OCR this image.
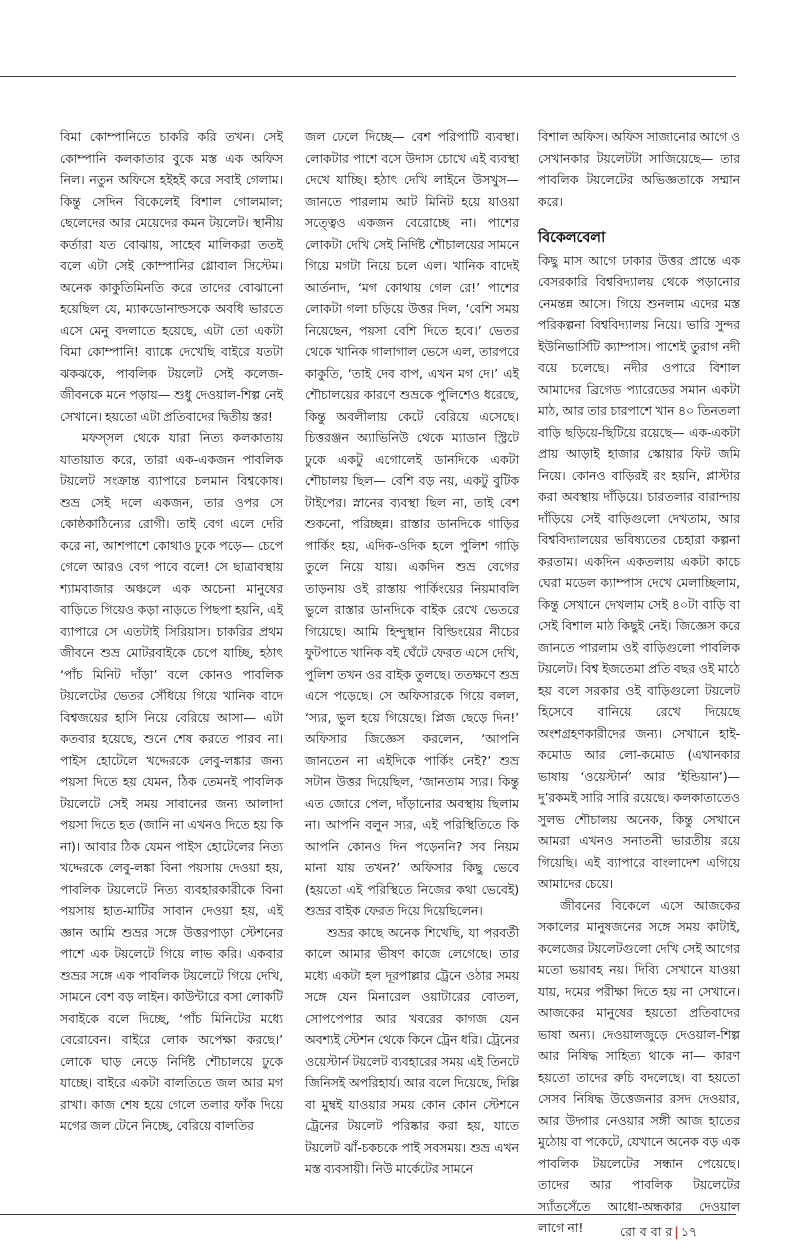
বিমা কোম্পানিতে চাকরি করি তখন। সেই কোম্পানি কলকাতার বুকে মস্ত এক অফিস নিল। নতুন অফিসে হইহই করে সবাই গেলাম। কিন্তু সেদিন বিকেলেই বিশাল গোলমাল; ছেলেদের আর মেয়েদের কমন টয়লেট। স্থানীয় কর্তারা যত বোঝায়, সাহেব মালিকরা ততই বলে এটা সেই কোম্পানির গ্লোবাল সিস্টেম। অনেক কাকুতিমিনতি করে তাদের বোঝানো হয়েছিল যে, ম্যাকডোনাল্ডসকে অবধি ভারতে এসে মেনু বদলাতে হয়েছে, এটা তো একটা বিমা কোম্পানি! ব্যাঙ্কে দেখেছি বাইরে যতটা ঝকঝকে, পাবলিক টয়লেট সেই কলেজ-জীবনকে মনে পড়ায়— শুধু দেওয়াল-শিল্প নেই সেখানে। হয়তো এটা প্রতিবাদের দ্বিতীয় স্তর!

মফস্সল থেকে যারা নিত্য কলকাতায় যাতায়াত করে, তারা এক-একজন পাবলিক টয়লেট সংক্রান্ত ব্যাপারে চলমান বিশ্বকোষ। শুভ্র সেই দলে একজন, তার ওপর সে কোষ্ঠকাঠিন্যের রোগী। তাই বেগ এলে দেরি করে না, আশপাশে কোথাও ঢুকে পড়ে— চেপে গেলে আরও বেগ পাবে বলে! সে ছাত্রাবস্থায় শ্যামবাজার অঞ্চলে এক অচেনা মানুষের বাড়িতে গিয়েও কড়া নাড়তে পিছপা হয়নি, এই ব্যাপারে সে এতটাই সিরিয়াস। চাকরির প্রথম জীবনে শুভ্র মোটরবাইকে চেপে যাচ্ছি, হঠাৎ ‘পাঁচ মিনিট দাঁড়া’ বলে কোনও পাবলিক টয়লেটের ভেতর সেঁধিয়ে গিয়ে খানিক বাদে বিশ্বজয়ের হাসি নিয়ে বেরিয়ে আসা— এটা কতবার হয়েছে, শুনে শেষ করতে পারব না। পাইস হোটেলে খদ্দেরকে লেবু-লঙ্কার জন্য পয়সা দিতে হয় যেমন, ঠিক তেমনই পাবলিক টয়লেটে সেই সময় সাবানের জন্য আলাদা পয়সা দিতে হত (জানি না এখনও দিতে হয় কি না)। আবার ঠিক যেমন পাইস হোটেলের নিত্য খদ্দেরকে লেবু-লঙ্কা বিনা পয়সায় দেওয়া হয়, পাবলিক টয়লেটে নিত্য ব্যবহারকারীকে বিনা পয়সায় হাত-মাটির সাবান দেওয়া হয়, এই জ্ঞান আমি শুভ্রর সঙ্গে উত্তরপাড়া স্টেশনের পাশে এক টয়লেটে গিয়ে লাভ করি। একবার শুভ্রর সঙ্গে এক পাবলিক টয়লেটে গিয়ে দেখি, সামনে বেশ বড় লাইন। কাউন্টারে বসা লোকটি সবাইকে বলে দিচ্ছে, ‘পাঁচ মিনিটের মধ্যে বেরোবেন। বাইরে লোক অপেক্ষা করছে।’ লোকে ঘাড় নেড়ে নির্দিষ্ট শৌচালয়ে ঢুকে যাচ্ছে। বাইরে একটা বালতিতে জল আর মগ রাখা। কাজ শেষ হয়ে গেলে তলার ফাঁক দিয়ে মগের জল টেনে নিচ্ছে, বেরিয়ে বালতির

জল ঢেলে দিচ্ছে— বেশ পরিপাটি ব্যবস্থা। লোকটার পাশে বসে উদাস চোখে এই ব্যবস্থা দেখে যাচ্ছি। হঠাৎ দেখি লাইনে উসখুস— জানতে পারলাম আট মিনিট হয়ে যাওয়া সত্ত্বেও একজন বেরোচ্ছে না। পাশের লোকটা দেখি সেই নির্দিষ্ট শৌচালয়ের সামনে গিয়ে মগটা নিয়ে চলে এল। খানিক বাদেই আর্তনাদ, ‘মগ কোথায় গেল রে!’ পাশের লোকটা গলা চড়িয়ে উত্তর দিল, ‘বেশি সময় নিয়েছেন, পয়সা বেশি দিতে হবে।’ ভেতর থেকে খানিক গালাগাল ভেসে এল, তারপরে কাকুতি, ‘তাই দেব বাপ, এখন মগ দে।’ এই শৌচালয়ের কারণে শুভ্রকে পুলিশেও ধরেছে, কিন্তু অবলীলায় কেটে বেরিয়ে এসেছে। চিত্তরঞ্জন অ্যাভিনিউ থেকে ম্যাডান স্ট্রিটে ঢুকে একটু এগোলেই ডানদিকে একটা শৌচালয় ছিল— বেশি বড় নয়, একটু বুটিক টাইপের। স্নানের ব্যবস্থা ছিল না, তাই বেশ শুকনো, পরিচ্ছন্ন। রাস্তার ডানদিকে গাড়ির পার্কিং হয়, এদিক-ওদিক হলে পুলিশ গাড়ি তুলে নিয়ে যায়। একদিন শুভ্র বেগের তাড়নায় ওই রাস্তায় পার্কিংয়ের নিয়মাবলি ভুলে রাস্তার ডানদিকে বাইক রেখে ভেতরে গিয়েছে। আমি হিন্দুস্থান বিল্ডিংয়ের নীচের ফুটপাতে খানিক বই ঘেঁটে ফেরত এসে দেখি, পুলিশ তখন ওর বাইক তুলছে। ততক্ষণে শুভ্র এসে পড়েছে। সে অফিসারকে গিয়ে বলল, ‘স্যর, ভুল হয়ে গিয়েছে। প্লিজ ছেড়ে দিন!’ অফিসার জিজ্ঞেস করলেন, ‘আপনি জানতেন না এইদিকে পার্কিং নেই?’ শুভ্র সটান উত্তর দিয়েছিল, ‘জানতাম স্যর। কিন্তু এত জোরে পেল, দাঁড়ানোর অবস্থায় ছিলাম না। আপনি বলুন স্যর, এই পরিস্থিতিতে কি আপনি কোনও দিন পড়েননি? সব নিয়ম মানা যায় তখন?’ অফিসার কিছু ভেবে (হয়তো এই পরিস্থিতে নিজের কথা ভেবেই) শুভ্রর বাইক ফেরত দিয়ে দিয়েছিলেন।

শুভ্রর কাছে অনেক শিখেছি, যা পরবর্তী কালে আমার ভীষণ কাজে লেগেছে। তার মধ্যে একটা হল দূরপাল্লার ট্রেনে ওঠার সময় সঙ্গে যেন মিনারেল ওয়াটারের বোতল, সোপপেপার আর খবরের কাগজ যেন অবশ্যই স্টেশন থেকে কিনে ট্রেন ধরি। ট্রেনের ওয়েস্টার্ন টয়লেট ব্যবহারের সময় এই তিনটে জিনিসই অপরিহার্য। আর বলে দিয়েছে, দিল্লি বা মুম্বই যাওয়ার সময় কোন কোন স্টেশনে ট্রেনের টয়লেট পরিষ্কার করা হয়, যাতে টয়লেট ঝাঁ-চকচকে পাই সবসময়। শুভ্র এখন মস্ত ব্যবসায়ী। নিউ মার্কেটের সামনে

বিশাল অফিস। অফিস সাজানোর আগে ও সেখানকার টয়লেটটা সাজিয়েছে— তার পাবলিক টয়লেটের অভিজ্ঞতাকে সম্মান করে।

বিকেলবেলা

কিছু মাস আগে ঢাকার উত্তর প্রান্তে এক বেসরকারি বিশ্ববিদ্যালয় থেকে পড়ানোর নেমন্তন্ন আসে। গিয়ে শুনলাম এদের মস্ত পরিকল্পনা বিশ্ববিদ্যালয় নিয়ে। ভারি সুন্দর ইউনিভার্সিটি ক্যাম্পাস। পাশেই তুরাগ নদী বয়ে চলেছে। নদীর ওপারে বিশাল আমাদের ব্রিগেড প্যারেডের সমান একটা মাঠ, আর তার চারপাশে খান ৪০ তিনতলা বাড়ি ছড়িয়ে-ছিটিয়ে রয়েছে— এক-একটা প্রায় আড়াই হাজার স্কোয়ার ফিট জমি নিয়ে। কোনও বাড়িরই রং হয়নি, প্লাস্টার করা অবস্থায় দাঁড়িয়ে। চারতলার বারান্দায় দাঁড়িয়ে সেই বাড়িগুলো দেখতাম, আর বিশ্ববিদ্যালয়ের ভবিষ্যতের চেহারা কল্পনা করতাম। একদিন একতলায় একটা কাচে ঘেরা মডেল ক্যাম্পাস দেখে মেলাচ্ছিলাম, কিন্তু সেখানে দেখলাম সেই ৪০টা বাড়ি বা সেই বিশাল মাঠ কিছুই নেই। জিজ্ঞেস করে জানতে পারলাম ওই বাড়িগুলো পাবলিক টয়লেট। বিশ্ব ইজতেমা প্রতি বছর ওই মাঠে হয় বলে সরকার ওই বাড়িগুলো টয়লেট হিসেবে বানিয়ে রেখে দিয়েছে অংশগ্রহণকারীদের জন্য। সেখানে হাই-কমোড আর লো-কমোড (এখানকার ভাষায় ‘ওয়েস্টার্ন’ আর ‘ইন্ডিয়ান’)— দু’রকমই সারি সারি রয়েছে। কলকাতাতেও সুলভ শৌচালয় অনেক, কিন্তু সেখানে আমরা এখনও সনাতনী ভারতীয় রয়ে গিয়েছি। এই ব্যাপারে বাংলাদেশ এগিয়ে আমাদের চেয়ে।

জীবনের বিকেলে এসে আজকের সকালের মানুষজনের সঙ্গে সময় কাটাই, কলেজের টয়লেটগুলো দেখি সেই আগের মতো ভয়াবহ নয়। দিব্যি সেখানে যাওয়া যায়, দমের পরীক্ষা দিতে হয় না সেখানে। আজকের মানুষের হয়তো প্রতিবাদের ভাষা অন্য। দেওয়ালজুড়ে দেওয়াল-শিল্প আর নিষিদ্ধ সাহিত্য থাকে না— কারণ হয়তো তাদের রুচি বদলেছে। বা হয়তো সেসব নিষিদ্ধ উত্তেজনার রসদ দেওয়ার, আর উদ্গার নেওয়ার সঙ্গী আজ হাতের মুঠোয় বা পকেটে, যেখানে অনেক বড় এক পাবলিক টয়লেটের সন্ধান পেয়েছে। তাদের আর পাবলিক টয়লেটের স্যাঁতসেঁতে আধো-অন্ধকার দেওয়াল লাগে না!	রো ব বা র | ১৭
